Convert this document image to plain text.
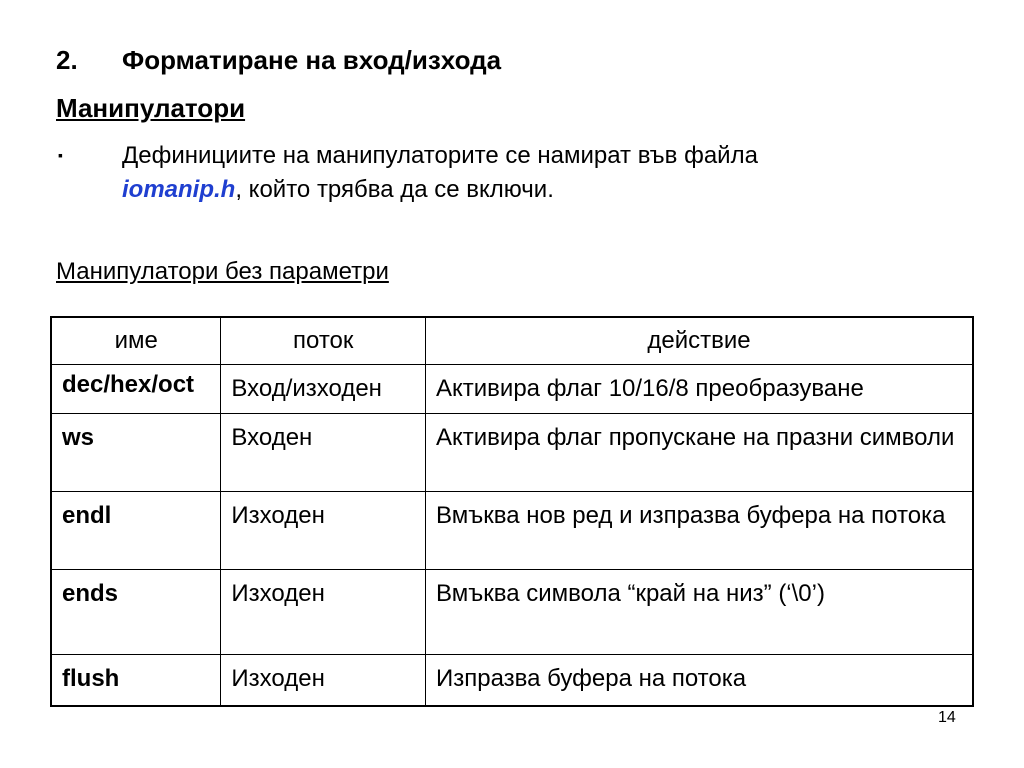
2. Форматиране на вход/изхода
Манипулатори
▪ Дефинициите на манипулаторите се намират във файла
iomanip.h, който трябва да се включи.
Манипулатори без параметри
име	поток	действие
dec/hex/oct	Вход/изходен	Активира флаг 10/16/8 преобразуване
ws	Входен	Активира флаг пропускане на празни символи
endl	Изходен	Вмъква нов ред и изпразва буфера на потока
ends	Изходен	Вмъква символа “край на низ” (‘\0’)
flush	Изходен	Изпразва буфера на потока
14
